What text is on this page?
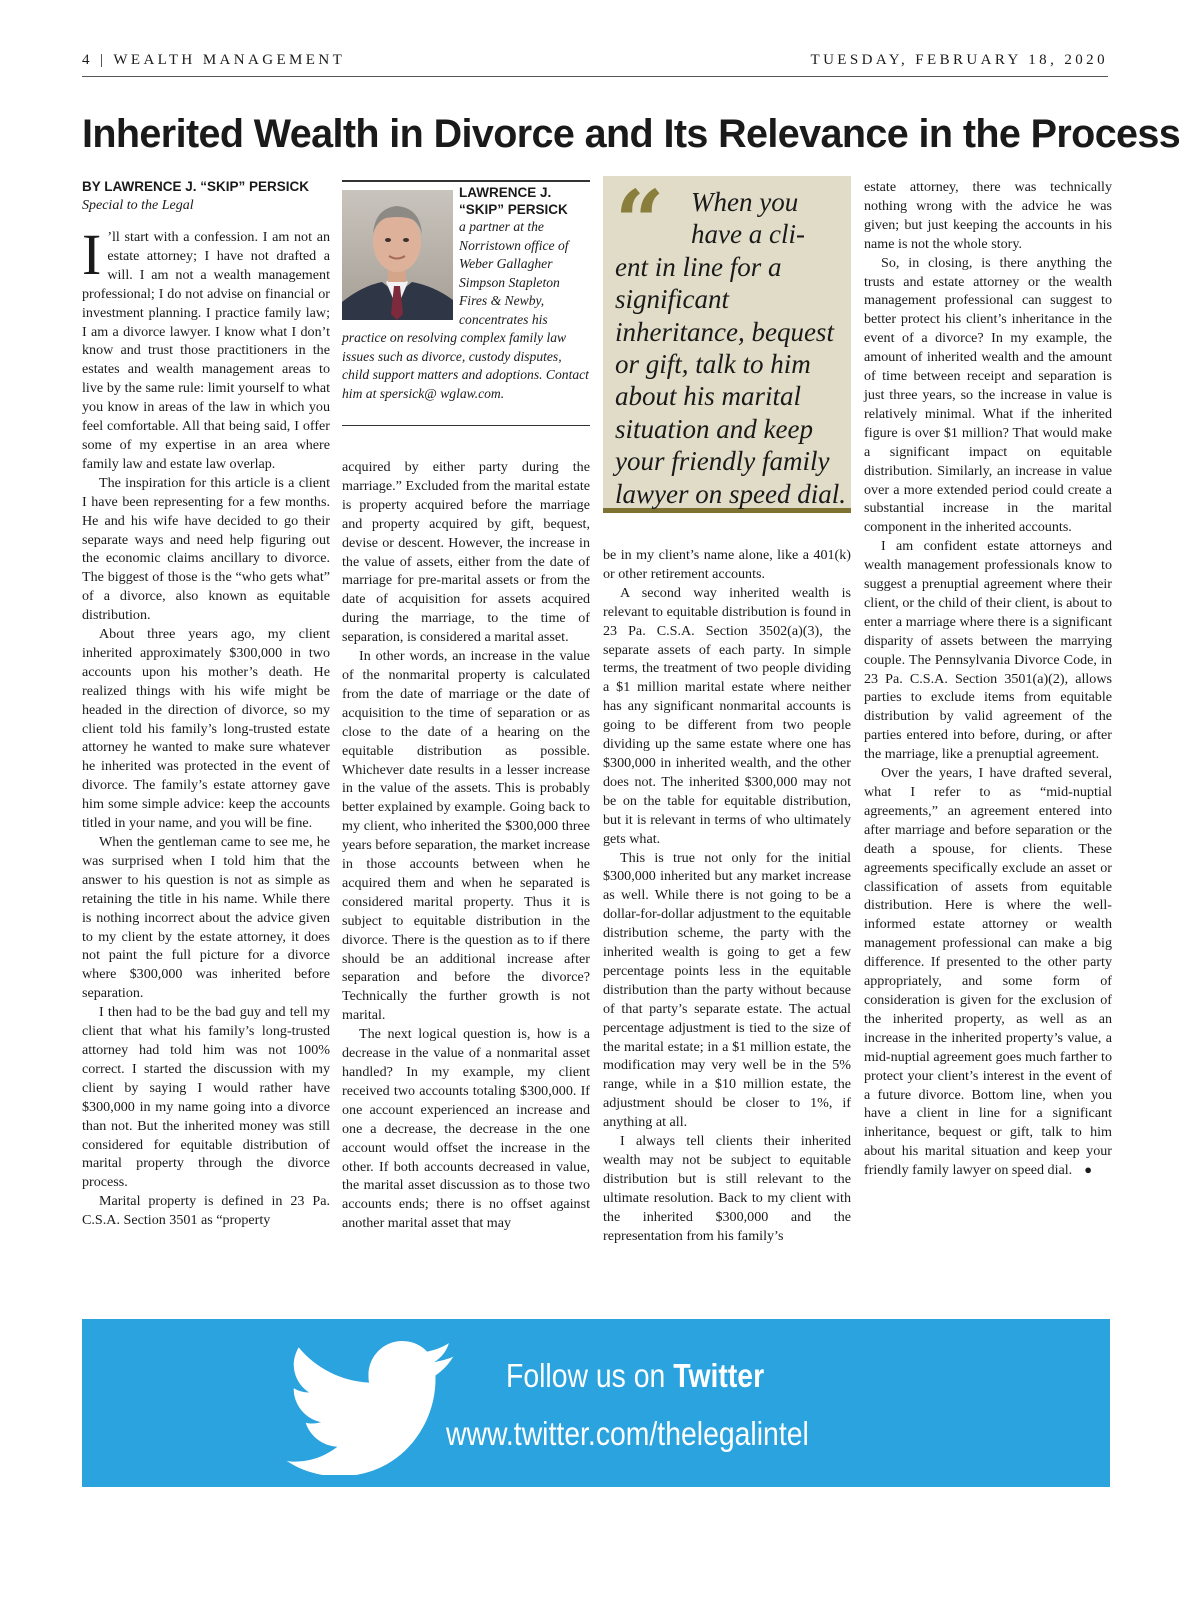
4 | WEALTH MANAGEMENT	TUESDAY, FEBRUARY 18, 2020
Inherited Wealth in Divorce and Its Relevance in the Process
BY LAWRENCE J. “SKIP” PERSICK
Special to the Legal

I ’ll start with a confession. I am not an estate attorney; I have not drafted a will. I am not a wealth management professional; I do not advise on financial or investment planning. I practice family law; I am a divorce lawyer. I know what I don’t know and trust those practitioners in the estates and wealth management areas to live by the same rule: limit yourself to what you know in areas of the law in which you feel comfortable. All that being said, I offer some of my expertise in an area where family law and estate law overlap.

The inspiration for this article is a client I have been representing for a few months. He and his wife have decided to go their separate ways and need help figuring out the economic claims ancillary to divorce. The biggest of those is the “who gets what” of a divorce, also known as equitable distribution.

About three years ago, my client inherited approximately $300,000 in two accounts upon his mother’s death. He realized things with his wife might be headed in the direction of divorce, so my client told his family’s long-trusted estate attorney he wanted to make sure whatever he inherited was protected in the event of divorce. The family’s estate attorney gave him some simple advice: keep the accounts titled in your name, and you will be fine.

When the gentleman came to see me, he was surprised when I told him that the answer to his question is not as simple as retaining the title in his name. While there is nothing incorrect about the advice given to my client by the estate attorney, it does not paint the full picture for a divorce where $300,000 was inherited before separation.

I then had to be the bad guy and tell my client that what his family’s long-trusted attorney had told him was not 100% correct. I started the discussion with my client by saying I would rather have $300,000 in my name going into a divorce than not. But the inherited money was still considered for equitable distribution of marital property through the divorce process.

Marital property is defined in 23 Pa. C.S.A. Section 3501 as “property

LAWRENCE J.
“SKIP” PERSICK
a partner at the Norristown office of Weber Gallagher Simpson Stapleton Fires & Newby, concentrates his
practice on resolving complex family law issues such as divorce, custody disputes, child support matters and adoptions. Contact him at spersick@ wglaw.com.

acquired by either party during the marriage.” Excluded from the marital estate is property acquired before the marriage and property acquired by gift, bequest, devise or descent. However, the increase in the value of assets, either from the date of marriage for pre-marital assets or from the date of acquisition for assets acquired during the marriage, to the time of separation, is considered a marital asset.

In other words, an increase in the value of the nonmarital property is calculated from the date of marriage or the date of acquisition to the time of separation or as close to the date of a hearing on the equitable distribution as possible. Whichever date results in a lesser increase in the value of the assets. This is probably better explained by example. Going back to my client, who inherited the $300,000 three years before separation, the market increase in those accounts between when he acquired them and when he separated is considered marital property. Thus it is subject to equitable distribution in the divorce. There is the question as to if there should be an additional increase after separation and before the divorce? Technically the further growth is not marital.

The next logical question is, how is a decrease in the value of a nonmarital asset handled? In my example, my client received two accounts totaling $300,000. If one account experienced an increase and one a decrease, the decrease in the one account would offset the increase in the other. If both accounts decreased in value, the marital asset discussion as to those two accounts ends; there is no offset against another marital asset that may

“ When you
have a cli-
ent in line for a significant inheritance, bequest or gift, talk to him about his marital situation and keep your friendly family lawyer on speed dial.

be in my client’s name alone, like a 401(k) or other retirement accounts.

A second way inherited wealth is relevant to equitable distribution is found in 23 Pa. C.S.A. Section 3502(a)(3), the separate assets of each party. In simple terms, the treatment of two people dividing a $1 million marital estate where neither has any significant nonmarital accounts is going to be different from two people dividing up the same estate where one has $300,000 in inherited wealth, and the other does not. The inherited $300,000 may not be on the table for equitable distribution, but it is relevant in terms of who ultimately gets what.

This is true not only for the initial $300,000 inherited but any market increase as well. While there is not going to be a dollar-for-dollar adjustment to the equitable distribution scheme, the party with the inherited wealth is going to get a few percentage points less in the equitable distribution than the party without because of that party’s separate estate. The actual percentage adjustment is tied to the size of the marital estate; in a $1 million estate, the modification may very well be in the 5% range, while in a $10 million estate, the adjustment should be closer to 1%, if anything at all.

I always tell clients their inherited wealth may not be subject to equitable distribution but is still relevant to the ultimate resolution. Back to my client with the inherited $300,000 and the representation from his family’s

estate attorney, there was technically nothing wrong with the advice he was given; but just keeping the accounts in his name is not the whole story.

So, in closing, is there anything the trusts and estate attorney or the wealth management professional can suggest to better protect his client’s inheritance in the event of a divorce? In my example, the amount of inherited wealth and the amount of time between receipt and separation is just three years, so the increase in value is relatively minimal. What if the inherited figure is over $1 million? That would make a significant impact on equitable distribution. Similarly, an increase in value over a more extended period could create a substantial increase in the marital component in the inherited accounts.

I am confident estate attorneys and wealth management professionals know to suggest a prenuptial agreement where their client, or the child of their client, is about to enter a marriage where there is a significant disparity of assets between the marrying couple. The Pennsylvania Divorce Code, in 23 Pa. C.S.A. Section 3501(a)(2), allows parties to exclude items from equitable distribution by valid agreement of the parties entered into before, during, or after the marriage, like a prenuptial agreement.

Over the years, I have drafted several, what I refer to as “mid-nuptial agreements,” an agreement entered into after marriage and before separation or the death a spouse, for clients. These agreements specifically exclude an asset or classification of assets from equitable distribution. Here is where the well-informed estate attorney or wealth management professional can make a big difference. If presented to the other party appropriately, and some form of consideration is given for the exclusion of the inherited property, as well as an increase in the inherited property’s value, a mid-nuptial agreement goes much farther to protect your client’s interest in the event of a future divorce. Bottom line, when you have a client in line for a significant inheritance, bequest or gift, talk to him about his marital situation and keep your friendly family lawyer on speed dial. ●

Follow us on Twitter
www.twitter.com/thelegalintel
